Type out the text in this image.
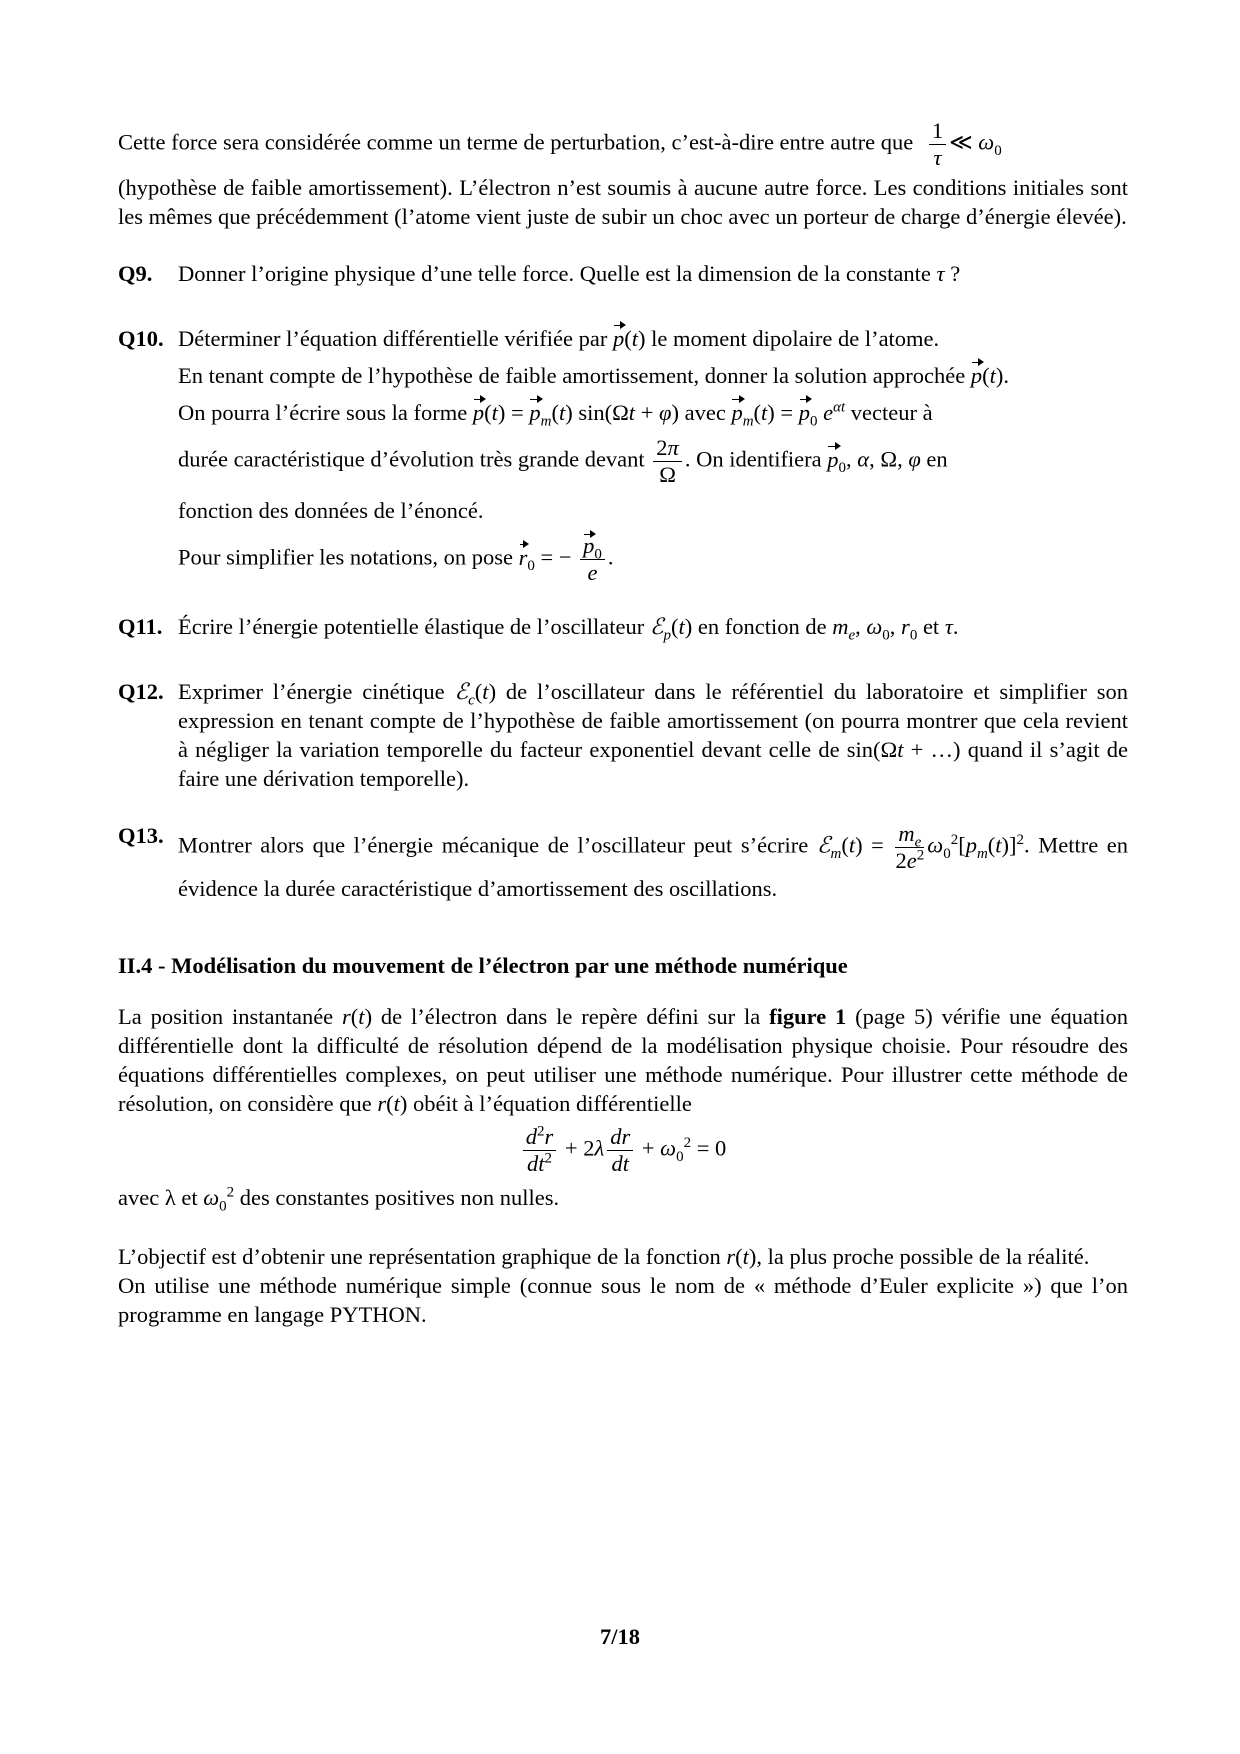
Cette force sera considérée comme un terme de perturbation, c’est-à-dire entre autre que $\frac{1}{\tau}$ ≪ $\omega_0$

(hypothèse de faible amortissement). L’électron n’est soumis à aucune autre force. Les conditions initiales sont les mêmes que précédemment (l’atome vient juste de subir un choc avec un porteur de charge d’énergie élevée).

Q9.	Donner l’origine physique d’une telle force. Quelle est la dimension de la constante τ ?

Q10. Déterminer l’équation différentielle vérifiée par p(t) le moment dipolaire de l’atome.

En tenant compte de l’hypothèse de faible amortissement, donner la solution approchée p(t).

On pourra l’écrire sous la forme $p(t) = p_m(t) \sin(\Omega t + \varphi)$ avec $p_m(t) = p_0$ $e^{\alpha t}$ vecteur à

durée caractéristique d’évolution très grande devant $\frac{2\pi}{\Omega}$ . On identifiera $p_0$, α, Ω, φ en

fonction des données de l’énoncé.

Pour simplifier les notations, on pose $r_0$ = − $\frac{p_0}{e}$ .

Q11. Écrire l’énergie potentielle élastique de l’oscillateur ℰ$_p$(t) en fonction de $m_e$, $\omega_0$, $r_0$ et τ.

Q12. Exprimer l’énergie cinétique ℰ$_c$(t) de l’oscillateur dans le référentiel du laboratoire et simplifier son expression en tenant compte de l’hypothèse de faible amortissement (on pourra montrer que cela revient à négliger la variation temporelle du facteur exponentiel devant celle de sin(Ωt + …) quand il s’agit de faire une dérivation temporelle).

Q13. Montrer alors que l’énergie mécanique de l’oscillateur peut s’écrire ℰ$_m$(t) = $\frac{m_e}{2e^2} \omega_0^2[p_m(t)]^2$. Mettre en évidence la durée caractéristique d’amortissement des oscillations.

II.4 - Modélisation du mouvement de l’électron par une méthode numérique

La position instantanée r(t) de l’électron dans le repère défini sur la figure 1 (page 5) vérifie une équation différentielle dont la difficulté de résolution dépend de la modélisation physique choisie. Pour résoudre des équations différentielles complexes, on peut utiliser une méthode numérique. Pour illustrer cette méthode de résolution, on considère que r(t) obéit à l’équation différentielle

$\frac{d^2r}{dt^2} + 2\lambda \frac{dr}{dt} + \omega_0^2 = 0$

avec λ et $\omega_0^2$ des constantes positives non nulles.

L’objectif est d’obtenir une représentation graphique de la fonction r(t), la plus proche possible de la réalité.

On utilise une méthode numérique simple (connue sous le nom de « méthode d’Euler explicite ») que l’on programme en langage PYTHON.

7/18
